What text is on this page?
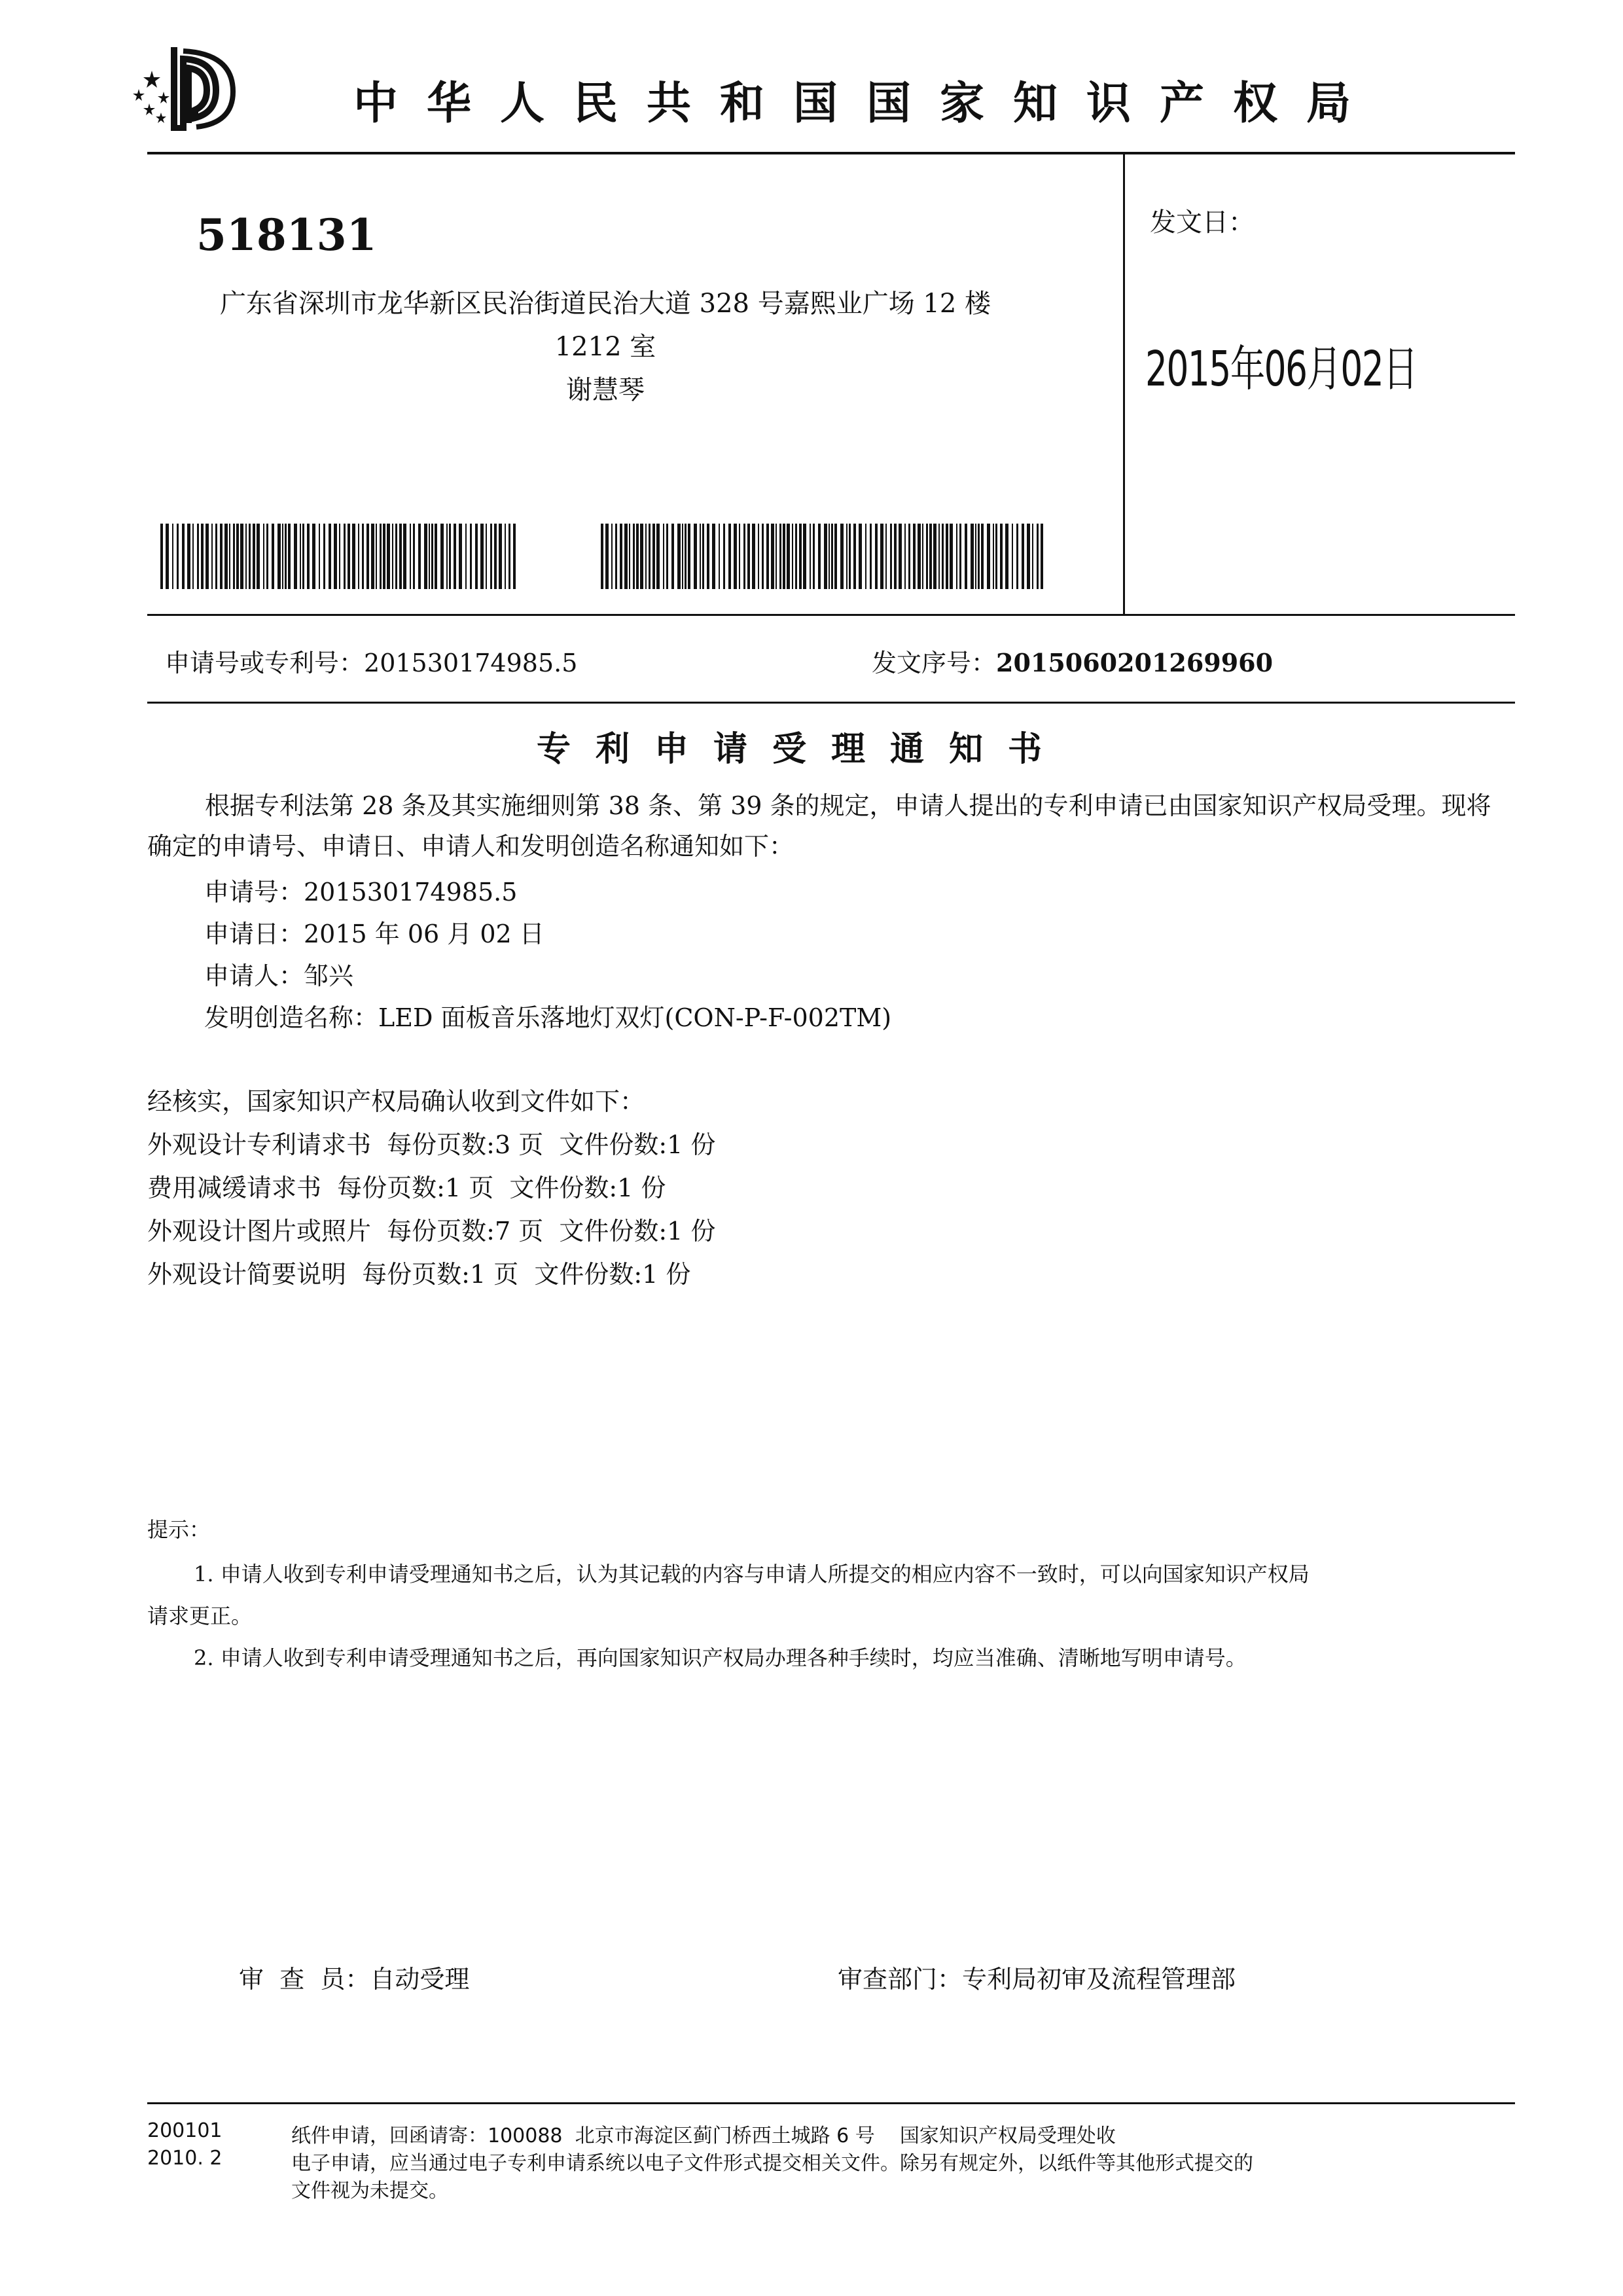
中华人民共和国国家知识产权局
518131
广东省深圳市龙华新区民治街道民治大道 328 号嘉熙业广场 12 楼
1212 室
谢慧琴
发文日：
2015年06月02日
申请号或专利号：201530174985.5	发文序号：2015060201269960
专利申请受理通知书
根据专利法第 28 条及其实施细则第 38 条、第 39 条的规定，申请人提出的专利申请已由国家知识产权局受理。现将确定的申请号、申请日、申请人和发明创造名称通知如下：
申请号：201530174985.5
申请日：2015 年 06 月 02 日
申请人：邹兴
发明创造名称：LED 面板音乐落地灯双灯(CON-P-F-002TM)
经核实，国家知识产权局确认收到文件如下：
外观设计专利请求书  每份页数:3 页  文件份数:1 份
费用减缓请求书  每份页数:1 页  文件份数:1 份
外观设计图片或照片  每份页数:7 页  文件份数:1 份
外观设计简要说明  每份页数:1 页  文件份数:1 份
提示：
1. 申请人收到专利申请受理通知书之后，认为其记载的内容与申请人所提交的相应内容不一致时，可以向国家知识产权局
请求更正。
2. 申请人收到专利申请受理通知书之后，再向国家知识产权局办理各种手续时，均应当准确、清晰地写明申请号。
审  查  员：自动受理	审查部门：专利局初审及流程管理部
200101
2010. 2
纸件申请，回函请寄：100088  北京市海淀区蓟门桥西土城路 6 号    国家知识产权局受理处收
电子申请，应当通过电子专利申请系统以电子文件形式提交相关文件。除另有规定外，以纸件等其他形式提交的
文件视为未提交。
